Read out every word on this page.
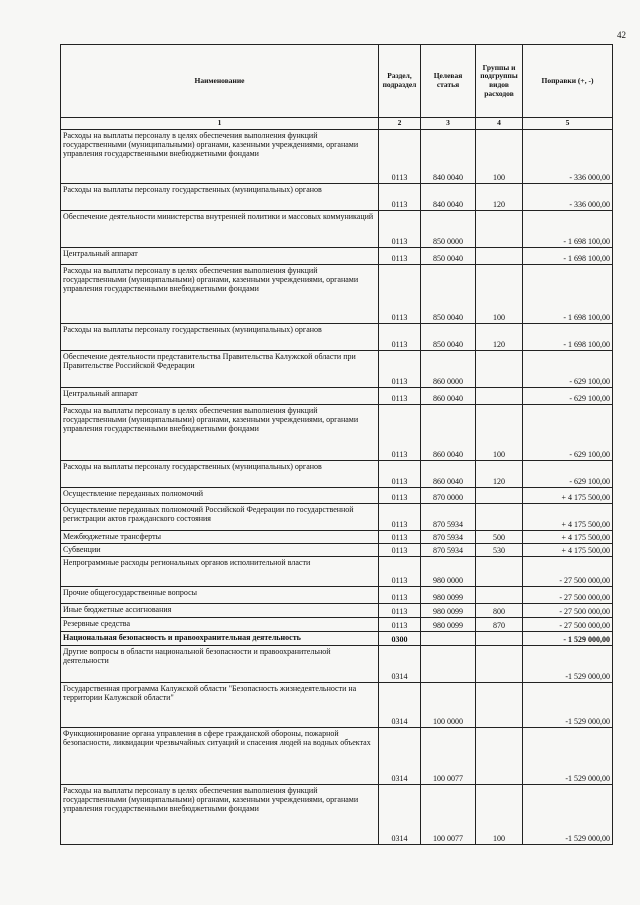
42
Наименование	Раздел, подраздел	Целевая статья	Группы и подгруппы видов расходов	Поправки (+, -)
1	2	3	4	5
Расходы на выплаты персоналу в целях обеспечения выполнения функций государственными (муниципальными) органами, казенными учреждениями, органами управления государственными внебюджетными фондами	0113	840 0040	100	- 336 000,00
Расходы на выплаты персоналу государственных (муниципальных) органов	0113	840 0040	120	- 336 000,00
Обеспечение деятельности министерства внутренней политики и массовых коммуникаций	0113	850 0000		- 1 698 100,00
Центральный аппарат	0113	850 0040		- 1 698 100,00
Расходы на выплаты персоналу в целях обеспечения выполнения функций государственными (муниципальными) органами, казенными учреждениями, органами управления государственными внебюджетными фондами	0113	850 0040	100	- 1 698 100,00
Расходы на выплаты персоналу государственных (муниципальных) органов	0113	850 0040	120	- 1 698 100,00
Обеспечение деятельности представительства Правительства Калужской области при Правительстве Российской Федерации	0113	860 0000		- 629 100,00
Центральный аппарат	0113	860 0040		- 629 100,00
Расходы на выплаты персоналу в целях обеспечения выполнения функций государственными (муниципальными) органами, казенными учреждениями, органами управления государственными внебюджетными фондами	0113	860 0040	100	- 629 100,00
Расходы на выплаты персоналу государственных (муниципальных) органов	0113	860 0040	120	- 629 100,00
Осуществление переданных полномочий	0113	870 0000		+ 4 175 500,00
Осуществление переданных полномочий Российской Федерации по государственной регистрации актов гражданского состояния	0113	870 5934		+ 4 175 500,00
Межбюджетные трансферты	0113	870 5934	500	+ 4 175 500,00
Субвенции	0113	870 5934	530	+ 4 175 500,00
Непрограммные расходы региональных органов исполнительной власти	0113	980 0000		- 27 500 000,00
Прочие общегосударственные вопросы	0113	980 0099		- 27 500 000,00
Иные бюджетные ассигнования	0113	980 0099	800	- 27 500 000,00
Резервные средства	0113	980 0099	870	- 27 500 000,00
Национальная безопасность и правоохранительная деятельность	0300			- 1 529 000,00
Другие вопросы в области национальной безопасности и правоохранительной деятельности	0314			-1 529 000,00
Государственная программа Калужской области "Безопасность жизнедеятельности на территории Калужской области"	0314	100 0000		-1 529 000,00
Функционирование органа управления в сфере гражданской обороны, пожарной безопасности, ликвидации чрезвычайных ситуаций и спасения людей на водных объектах	0314	100 0077		-1 529 000,00
Расходы на выплаты персоналу в целях обеспечения выполнения функций государственными (муниципальными) органами, казенными учреждениями, органами управления государственными внебюджетными фондами	0314	100 0077	100	-1 529 000,00
